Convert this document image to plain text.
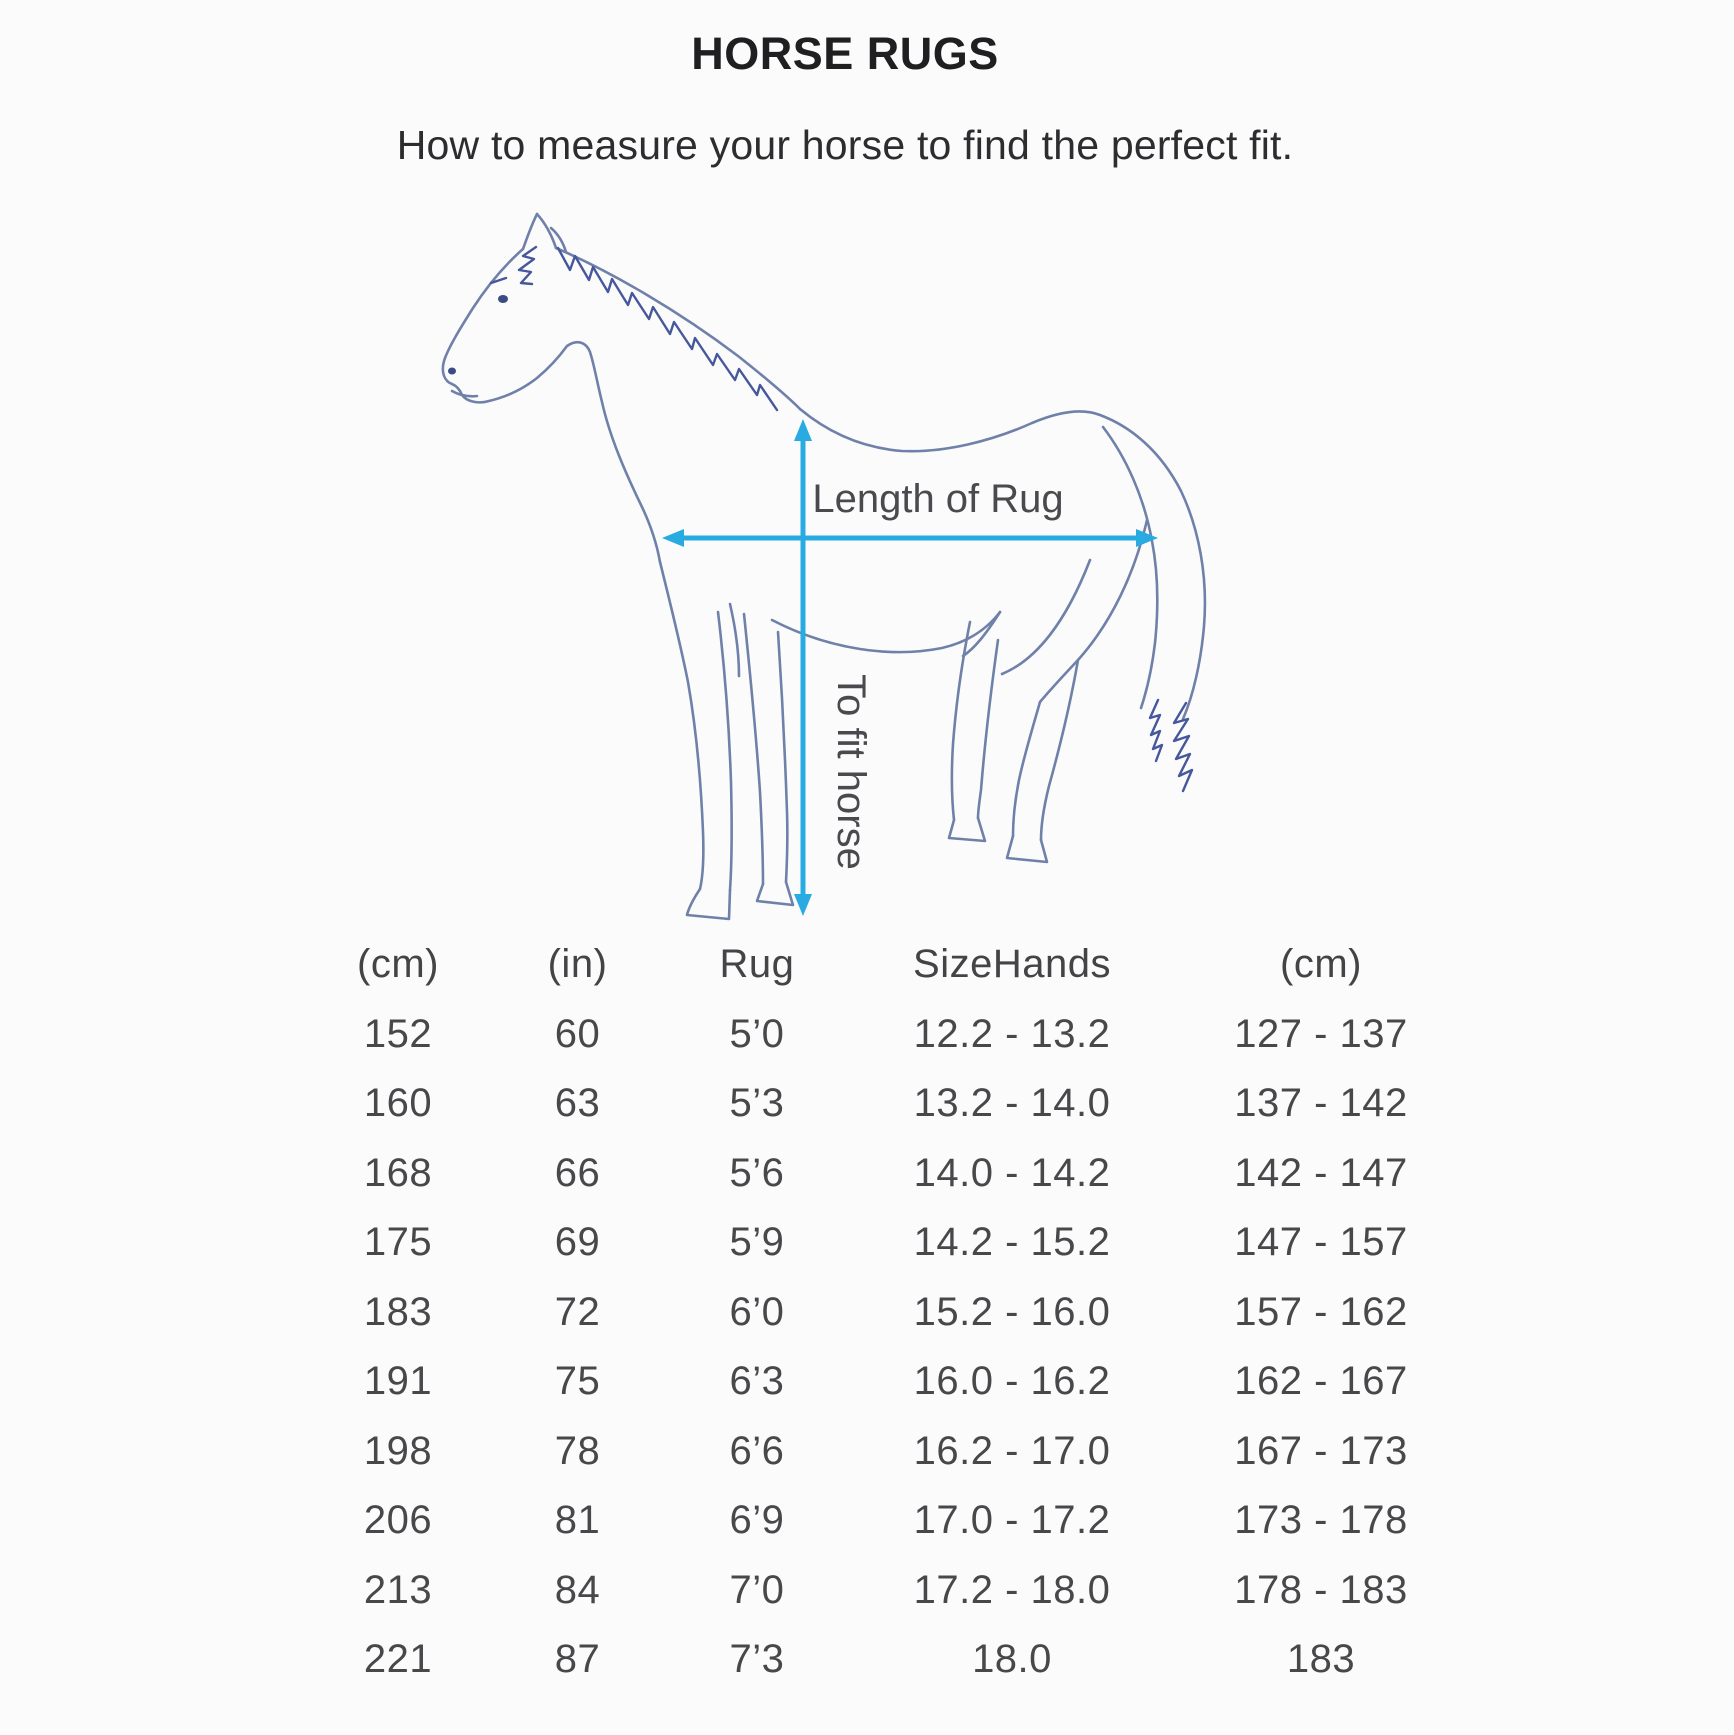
HORSE RUGS
How to measure your horse to find the perfect fit.
Length of Rug
To fit horse
(cm)	(in)	Rug	SizeHands	(cm)
152	60	5’0	12.2 - 13.2	127 - 137
160	63	5’3	13.2 - 14.0	137 - 142
168	66	5’6	14.0 - 14.2	142 - 147
175	69	5’9	14.2 - 15.2	147 - 157
183	72	6’0	15.2 - 16.0	157 - 162
191	75	6’3	16.0 - 16.2	162 - 167
198	78	6’6	16.2 - 17.0	167 - 173
206	81	6’9	17.0 - 17.2	173 - 178
213	84	7’0	17.2 - 18.0	178 - 183
221	87	7’3	18.0	183
